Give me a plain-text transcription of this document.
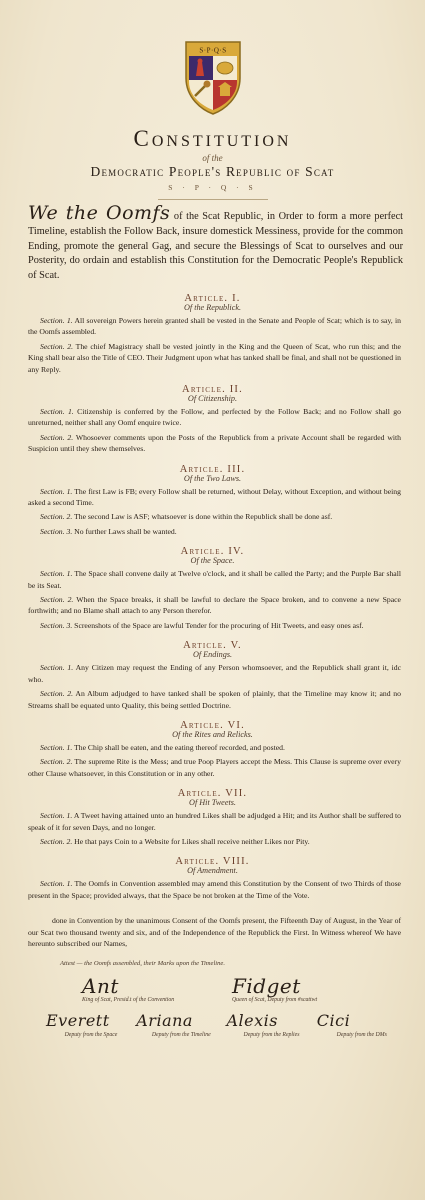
S·P·Q·S
Constitution
of the
Democratic People's Republic of Scat
S · P · Q · S
We the Oomfs of the Scat Republic, in Order to form a more perfect Timeline, establish the Follow Back, insure domestick Messiness, provide for the common Ending, promote the general Gag, and secure the Blessings of Scat to ourselves and our Posterity, do ordain and establish this Constitution for the Democratic People's Republick of Scat.
Article. I.
Of the Republick.
Section. 1. All sovereign Powers herein granted shall be vested in the Senate and People of Scat; which is to say, in the Oomfs assembled.
Section. 2. The chief Magistracy shall be vested jointly in the King and the Queen of Scat, who run this; and the King shall bear also the Title of CEO. Their Judgment upon what has tanked shall be final, and shall not be questioned in any Reply.
Article. II.
Of Citizenship.
Section. 1. Citizenship is conferred by the Follow, and perfected by the Follow Back; and no Follow shall go unreturned, neither shall any Oomf enquire twice.
Section. 2. Whosoever comments upon the Posts of the Republick from a private Account shall be regarded with Suspicion until they shew themselves.
Article. III.
Of the Two Laws.
Section. 1. The first Law is FB; every Follow shall be returned, without Delay, without Exception, and without being asked a second Time.
Section. 2. The second Law is ASF; whatsoever is done within the Republick shall be done asf.
Section. 3. No further Laws shall be wanted.
Article. IV.
Of the Space.
Section. 1. The Space shall convene daily at Twelve o'clock, and it shall be called the Party; and the Purple Bar shall be its Seat.
Section. 2. When the Space breaks, it shall be lawful to declare the Space broken, and to convene a new Space forthwith; and no Blame shall attach to any Person therefor.
Section. 3. Screenshots of the Space are lawful Tender for the procuring of Hit Tweets, and easy ones asf.
Article. V.
Of Endings.
Section. 1. Any Citizen may request the Ending of any Person whomsoever, and the Republick shall grant it, idc who.
Section. 2. An Album adjudged to have tanked shall be spoken of plainly, that the Timeline may know it; and no Streams shall be equated unto Quality, this being settled Doctrine.
Article. VI.
Of the Rites and Relicks.
Section. 1. The Chip shall be eaten, and the eating thereof recorded, and posted.
Section. 2. The supreme Rite is the Mess; and true Poop Players accept the Mess. This Clause is supreme over every other Clause whatsoever, in this Constitution or in any other.
Article. VII.
Of Hit Tweets.
Section. 1. A Tweet having attained unto an hundred Likes shall be adjudged a Hit; and its Author shall be suffered to speak of it for seven Days, and no longer.
Section. 2. He that pays Coin to a Website for Likes shall receive neither Likes nor Pity.
Article. VIII.
Of Amendment.
Section. 1. The Oomfs in Convention assembled may amend this Constitution by the Consent of two Thirds of those present in the Space; provided always, that the Space be not broken at the Time of the Vote.
done in Convention by the unanimous Consent of the Oomfs present, the Fifteenth Day of August, in the Year of our Scat two thousand twenty and six, and of the Independence of the Republick the First. In Witness whereof We have hereunto subscribed our Names,
Attest — the Oomfs assembled, their Marks upon the Timeline.
Ant
King of Scat, Presid.t of the Convention
Fidget
Queen of Scat, Deputy from #scattwt
Everett
Deputy from the Space
Ariana
Deputy from the Timeline
Alexis
Deputy from the Replies
Cici
Deputy from the DMs
